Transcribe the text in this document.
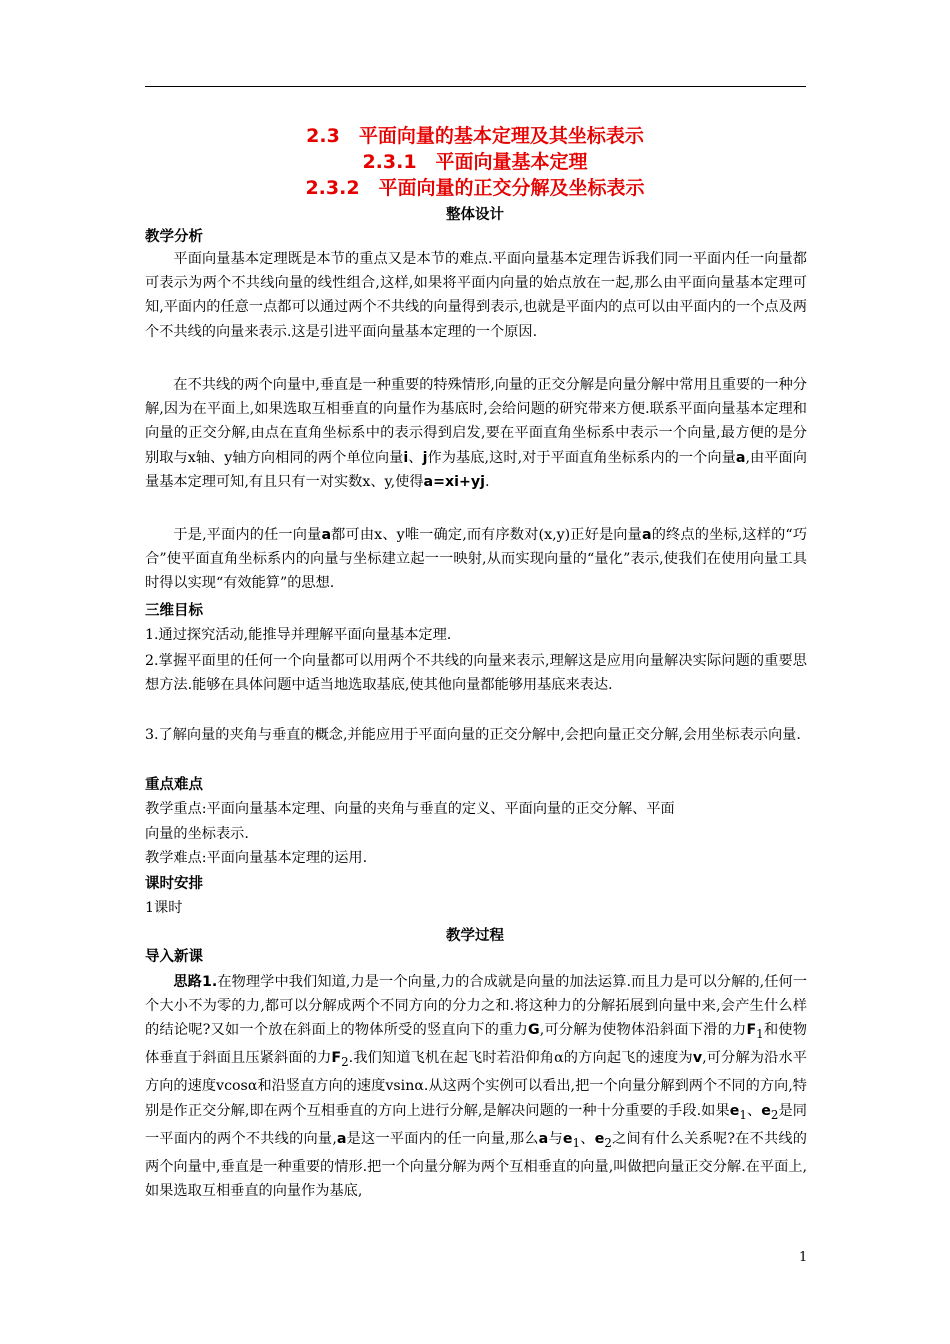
2.3　平面向量的基本定理及其坐标表示
2.3.1　平面向量基本定理
2.3.2　平面向量的正交分解及坐标表示
整体设计
教学分析
平面向量基本定理既是本节的重点又是本节的难点.平面向量基本定理告诉我们同一平面内任一向量都可表示为两个不共线向量的线性组合,这样,如果将平面内向量的始点放在一起,那么由平面向量基本定理可知,平面内的任意一点都可以通过两个不共线的向量得到表示,也就是平面内的点可以由平面内的一个点及两个不共线的向量来表示.这是引进平面向量基本定理的一个原因.
在不共线的两个向量中,垂直是一种重要的特殊情形,向量的正交分解是向量分解中常用且重要的一种分解,因为在平面上,如果选取互相垂直的向量作为基底时,会给问题的研究带来方便.联系平面向量基本定理和向量的正交分解,由点在直角坐标系中的表示得到启发,要在平面直角坐标系中表示一个向量,最方便的是分别取与x轴、y轴方向相同的两个单位向量i、j作为基底,这时,对于平面直角坐标系内的一个向量a,由平面向量基本定理可知,有且只有一对实数x、y,使得a=xi+yj.
于是,平面内的任一向量a都可由x、y唯一确定,而有序数对(x,y)正好是向量a的终点的坐标,这样的“巧合”使平面直角坐标系内的向量与坐标建立起一一映射,从而实现向量的“量化”表示,使我们在使用向量工具时得以实现“有效能算”的思想.
三维目标
1.通过探究活动,能推导并理解平面向量基本定理.
2.掌握平面里的任何一个向量都可以用两个不共线的向量来表示,理解这是应用向量解决实际问题的重要思想方法.能够在具体问题中适当地选取基底,使其他向量都能够用基底来表达.
3.了解向量的夹角与垂直的概念,并能应用于平面向量的正交分解中,会把向量正交分解,会用坐标表示向量.
重点难点
教学重点:平面向量基本定理、向量的夹角与垂直的定义、平面向量的正交分解、平面
向量的坐标表示.
教学难点:平面向量基本定理的运用.
课时安排
1课时
教学过程
导入新课
思路1.在物理学中我们知道,力是一个向量,力的合成就是向量的加法运算.而且力是可以分解的,任何一个大小不为零的力,都可以分解成两个不同方向的分力之和.将这种力的分解拓展到向量中来,会产生什么样的结论呢?又如一个放在斜面上的物体所受的竖直向下的重力G,可分解为使物体沿斜面下滑的力$F_1$和使物体垂直于斜面且压紧斜面的力$F_2$.我们知道飞机在起飞时若沿仰角α的方向起飞的速度为v,可分解为沿水平方向的速度vcosα和沿竖直方向的速度vsinα.从这两个实例可以看出,把一个向量分解到两个不同的方向,特别是作正交分解,即在两个互相垂直的方向上进行分解,是解决问题的一种十分重要的手段.如果$e_1$、$e_2$是同一平面内的两个不共线的向量,a是这一平面内的任一向量,那么a与$e_1$、$e_2$之间有什么关系呢?在不共线的两个向量中,垂直是一种重要的情形.把一个向量分解为两个互相垂直的向量,叫做把向量正交分解.在平面上,如果选取互相垂直的向量作为基底,
1
